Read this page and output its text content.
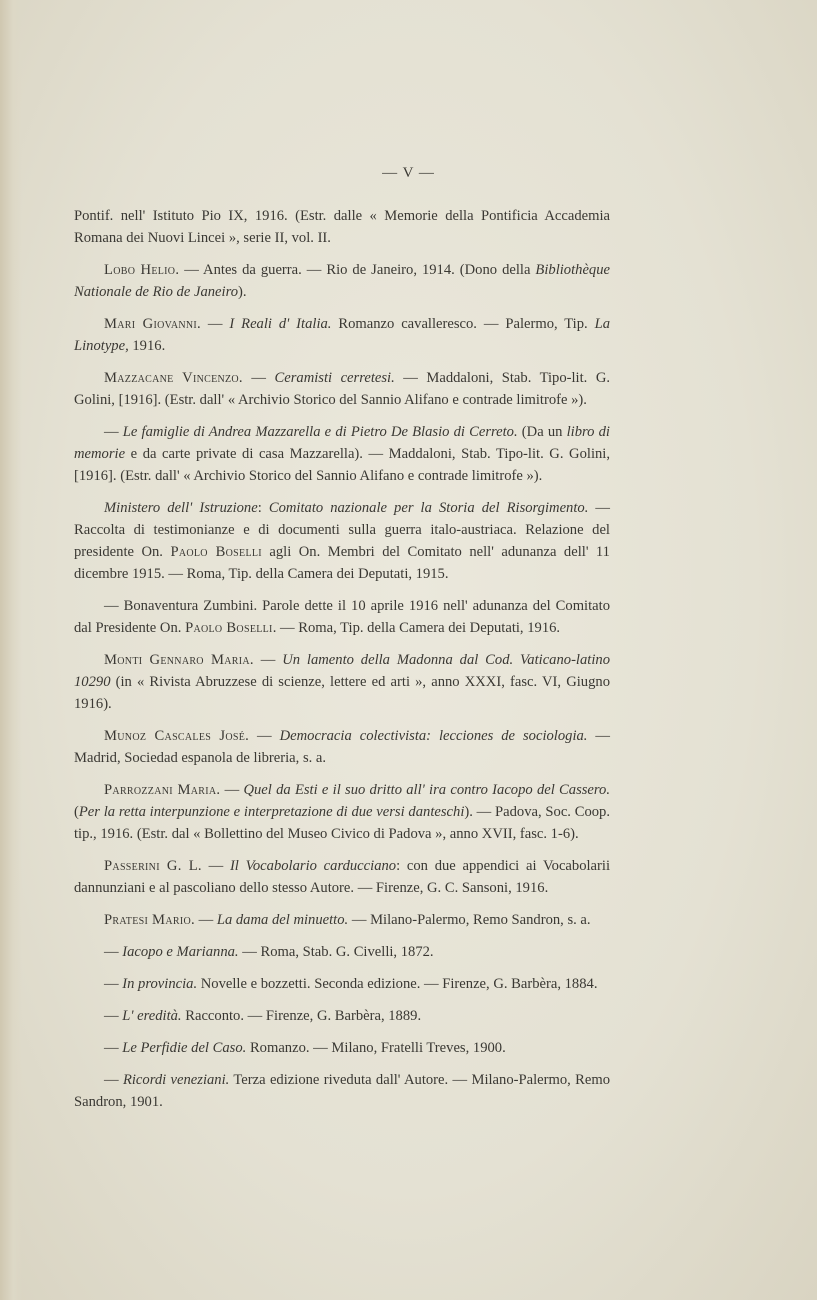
— V —

Pontif. nell' Istituto Pio IX, 1916. (Estr. dalle « Memorie della Pontificia Accademia Romana dei Nuovi Lincei », serie II, vol. II.

Lobo Helio. — Antes da guerra. — Rio de Janeiro, 1914. (Dono della Bibliothèque Nationale de Rio de Janeiro).

Mari Giovanni. — I Reali d' Italia. Romanzo cavalleresco. — Palermo, Tip. La Linotype, 1916.

Mazzacane Vincenzo. — Ceramisti cerretesi. — Maddaloni, Stab. Tipo-lit. G. Golini, [1916]. (Estr. dall' « Archivio Storico del Sannio Alifano e contrade limitrofe »).

— Le famiglie di Andrea Mazzarella e di Pietro De Blasio di Cerreto. (Da un libro di memorie e da carte private di casa Mazzarella). — Maddaloni, Stab. Tipo-lit. G. Golini, [1916]. (Estr. dall' « Archivio Storico del Sannio Alifano e contrade limitrofe »).

Ministero dell' Istruzione: Comitato nazionale per la Storia del Risorgimento. — Raccolta di testimonianze e di documenti sulla guerra italo-austriaca. Relazione del presidente On. Paolo Boselli agli On. Membri del Comitato nell' adunanza dell' 11 dicembre 1915. — Roma, Tip. della Camera dei Deputati, 1915.

— Bonaventura Zumbini. Parole dette il 10 aprile 1916 nell' adunanza del Comitato dal Presidente On. Paolo Boselli. — Roma, Tip. della Camera dei Deputati, 1916.

Monti Gennaro Maria. — Un lamento della Madonna dal Cod. Vaticano-latino 10290 (in « Rivista Abruzzese di scienze, lettere ed arti », anno XXXI, fasc. VI, Giugno 1916).

Munoz Cascales José. — Democracia colectivista: lecciones de sociologia. — Madrid, Sociedad espanola de libreria, s. a.

Parrozzani Maria. — Quel da Esti e il suo dritto all' ira contro Iacopo del Cassero. (Per la retta interpunzione e interpretazione di due versi danteschi). — Padova, Soc. Coop. tip., 1916. (Estr. dal « Bollettino del Museo Civico di Padova », anno XVII, fasc. 1-6).

Passerini G. L. — Il Vocabolario carducciano: con due appendici ai Vocabolarii dannunziani e al pascoliano dello stesso Autore. — Firenze, G. C. Sansoni, 1916.

Pratesi Mario. — La dama del minuetto. — Milano-Palermo, Remo Sandron, s. a.

— Iacopo e Marianna. — Roma, Stab. G. Civelli, 1872.

— In provincia. Novelle e bozzetti. Seconda edizione. — Firenze, G. Barbèra, 1884.

— L' eredità. Racconto. — Firenze, G. Barbèra, 1889.

— Le Perfidie del Caso. Romanzo. — Milano, Fratelli Treves, 1900.

— Ricordi veneziani. Terza edizione riveduta dall' Autore. — Milano-Palermo, Remo Sandron, 1901.
